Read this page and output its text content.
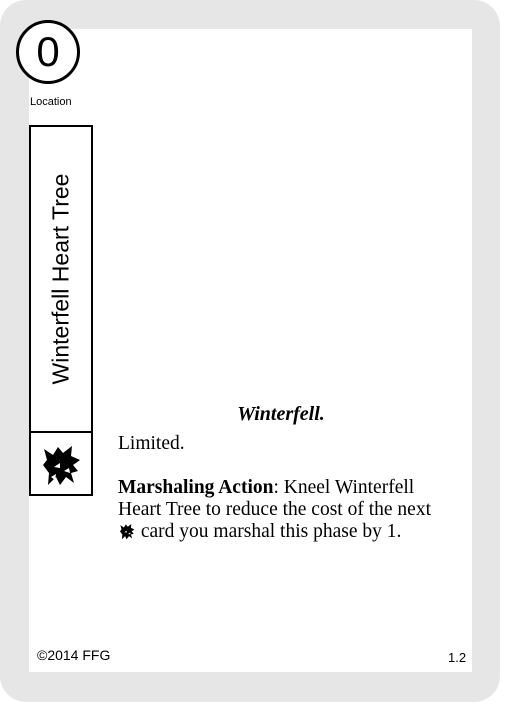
0
Location
Winterfell Heart Tree
Winterfell.

Limited.

Marshaling Action: Kneel Winterfell Heart Tree to reduce the cost of the next  card you marshal this phase by 1.

©2014 FFG	1.2
